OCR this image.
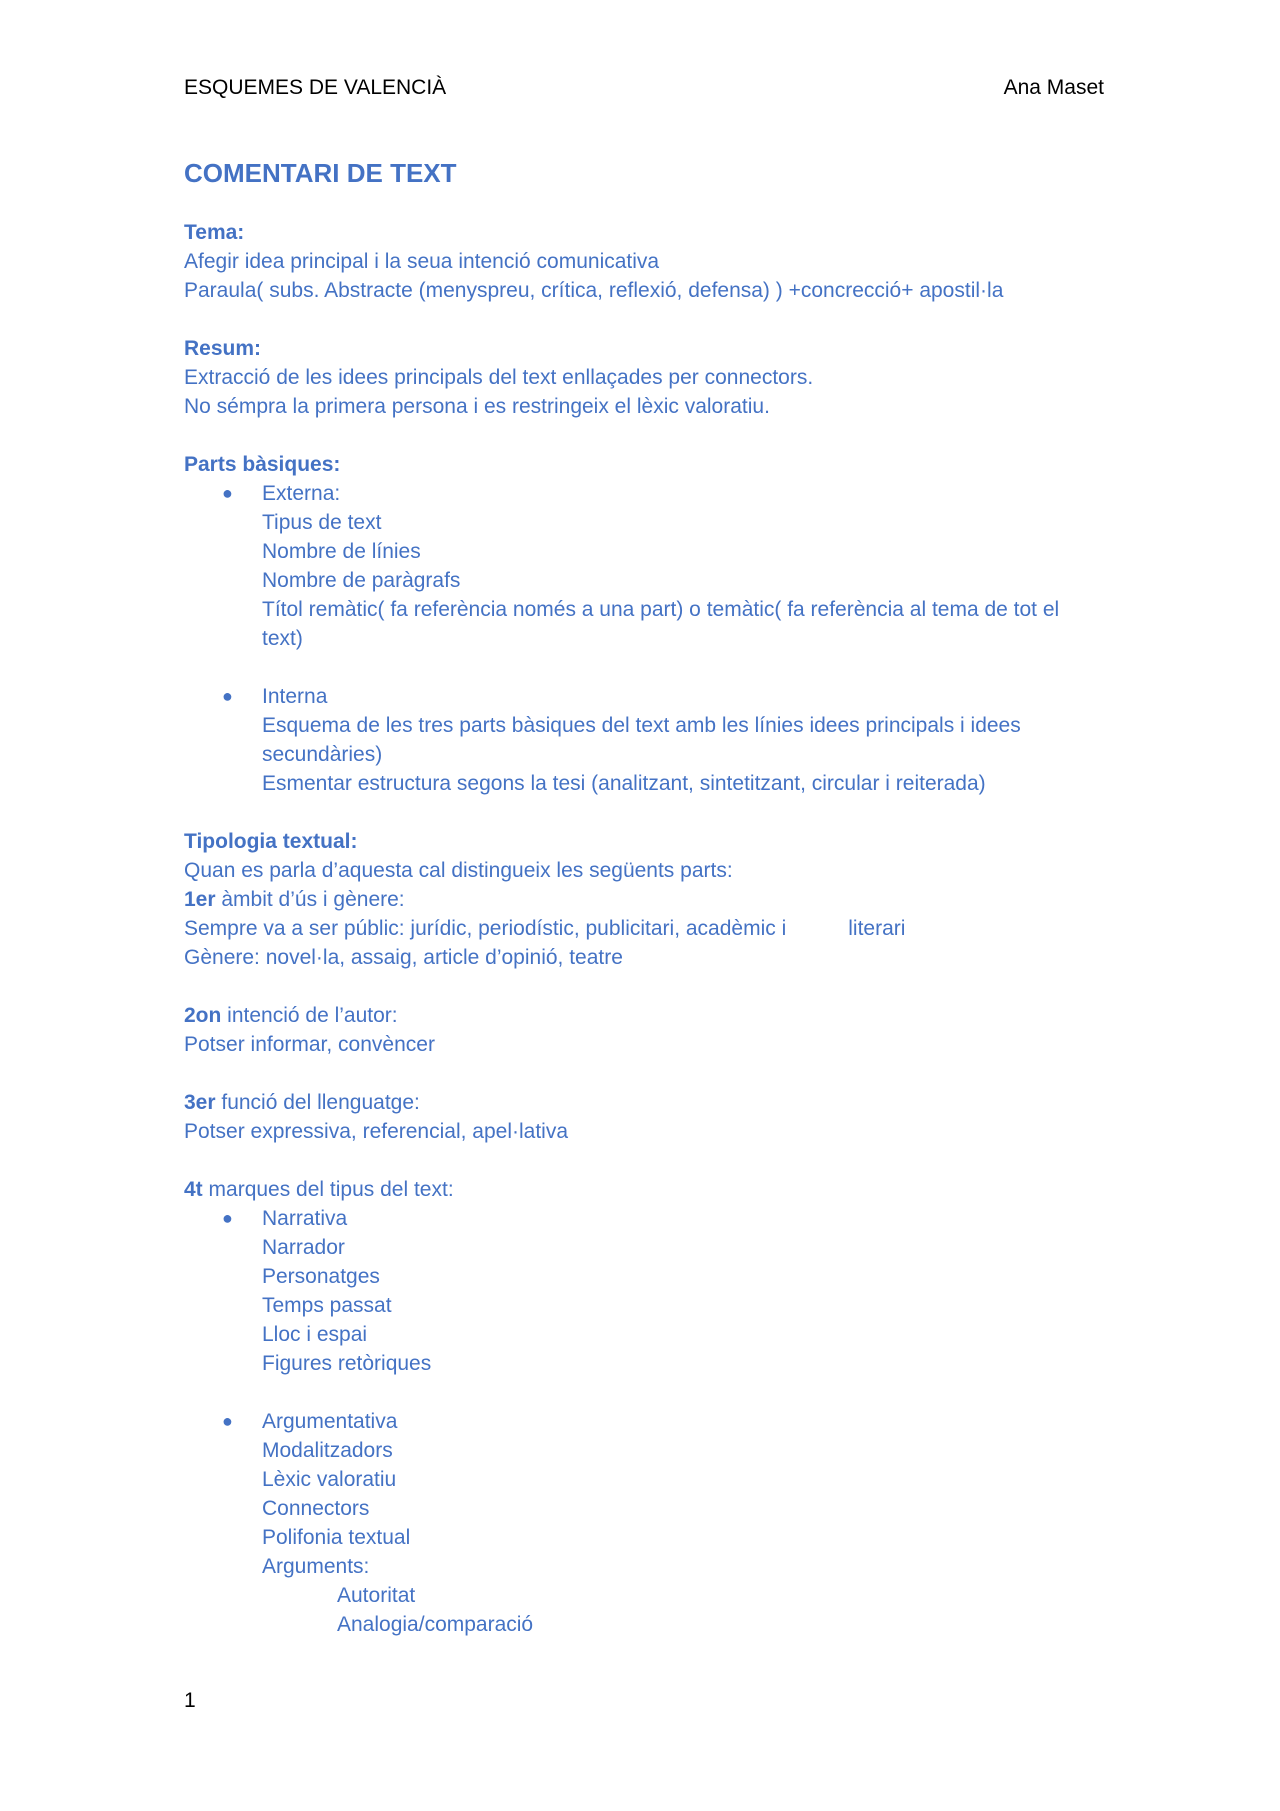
ESQUEMES DE VALENCIÀ	Ana Maset
COMENTARI DE TEXT
Tema:
Afegir idea principal i la seua intenció comunicativa
Paraula( subs. Abstracte (menyspreu, crítica, reflexió, defensa) ) +concrecció+ apostil·la
Resum:
Extracció de les idees principals del text enllaçades per connectors.
No sémpra la primera persona i es restringeix el lèxic valoratiu.
Parts bàsiques:
● Externa:
Tipus de text
Nombre de línies
Nombre de paràgrafs
Títol remàtic( fa referència només a una part) o temàtic( fa referència al tema de tot el text)
● Interna
Esquema de les tres parts bàsiques del text amb les línies idees principals i idees secundàries)
Esmentar estructura segons la tesi (analitzant, sintetitzant, circular i reiterada)
Tipologia textual:
Quan es parla d’aquesta cal distingueix les següents parts:
1er àmbit d’ús i gènere:
Sempre va a ser públic: jurídic, periodístic, publicitari, acadèmic i	literari
Gènere: novel·la, assaig, article d’opinió, teatre
2on intenció de l’autor:
Potser informar, convèncer
3er funció del llenguatge:
Potser expressiva, referencial, apel·lativa
4t marques del tipus del text:
● Narrativa
Narrador
Personatges
Temps passat
Lloc i espai
Figures retòriques
● Argumentativa
Modalitzadors
Lèxic valoratiu
Connectors
Polifonia textual
Arguments:
Autoritat
Analogia/comparació
1
